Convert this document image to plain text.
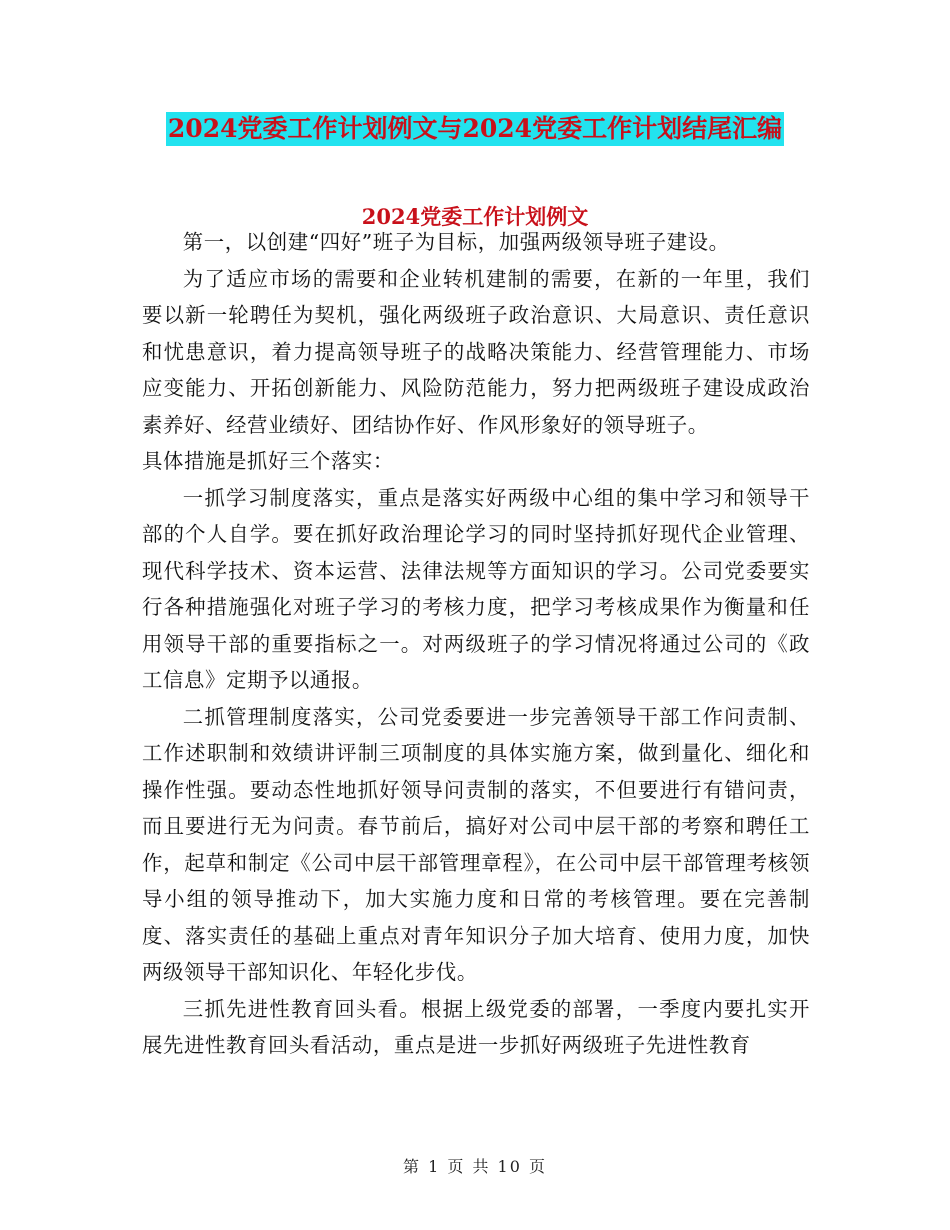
2024党委工作计划例文与2024党委工作计划结尾汇编
2024党委工作计划例文

第一，以创建“四好”班子为目标，加强两级领导班子建设。

为了适应市场的需要和企业转机建制的需要，在新的一年里，我们要以新一轮聘任为契机，强化两级班子政治意识、大局意识、责任意识和忧患意识，着力提高领导班子的战略决策能力、经营管理能力、市场应变能力、开拓创新能力、风险防范能力，努力把两级班子建设成政治素养好、经营业绩好、团结协作好、作风形象好的领导班子。

具体措施是抓好三个落实：

一抓学习制度落实，重点是落实好两级中心组的集中学习和领导干部的个人自学。要在抓好政治理论学习的同时坚持抓好现代企业管理、现代科学技术、资本运营、法律法规等方面知识的学习。公司党委要实行各种措施强化对班子学习的考核力度，把学习考核成果作为衡量和任用领导干部的重要指标之一。对两级班子的学习情况将通过公司的《政工信息》定期予以通报。

二抓管理制度落实，公司党委要进一步完善领导干部工作问责制、工作述职制和效绩讲评制三项制度的具体实施方案，做到量化、细化和操作性强。要动态性地抓好领导问责制的落实，不但要进行有错问责，而且要进行无为问责。春节前后，搞好对公司中层干部的考察和聘任工作，起草和制定《公司中层干部管理章程》，在公司中层干部管理考核领导小组的领导推动下，加大实施力度和日常的考核管理。要在完善制度、落实责任的基础上重点对青年知识分子加大培育、使用力度，加快两级领导干部知识化、年轻化步伐。

三抓先进性教育回头看。根据上级党委的部署，一季度内要扎实开展先进性教育回头看活动，重点是进一步抓好两级班子先进性教育

第 1 页 共 10 页
